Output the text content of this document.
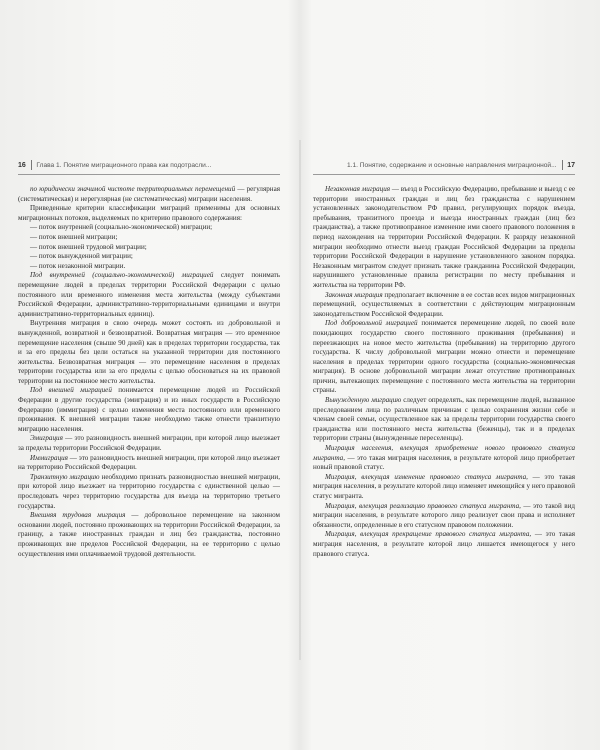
16 Глава 1. Понятие миграционного права как подотрасли...

по юридически значимой чистоте территориальных перемещений — регулярная (систематическая) и нерегулярная (не систематическая) миграции населения.

Приведенные критерии классификации миграций применимы для основных миграционных потоков, выделяемых по критерию правового содержания:

— поток внутренней (социально-экономической) миграции;

— поток внешней миграции;

— поток внешней трудовой миграции;

— поток вынужденной миграции;

— поток незаконной миграции.

Под внутренней (социально-экономической) миграцией следует понимать перемещение людей в пределах территории Российской Федерации с целью постоянного или временного изменения места жительства (между субъектами Российской Федерации, административно-территориальными единицами и внутри административно-территориальных единиц).

Внутренняя миграция в свою очередь может состоять из добровольной и вынужденной, возвратной и безвозвратной. Возвратная миграция — это временное перемещение населения (свыше 90 дней) как в пределах территории государства, так и за его пределы без цели остаться на указанной территории для постоянного жительства. Безвозвратная миграция — это перемещение населения в пределах территории государства или за его пределы с целью обосноваться на их правовой территории на постоянное место жительства.

Под внешней миграцией понимается перемещение людей из Российской Федерации в другие государства (эмиграция) и из иных государств в Российскую Федерацию (иммиграция) с целью изменения места постоянного или временного проживания. К внешней миграции также необходимо также отнести транзитную миграцию населения.

Эмиграция — это разновидность внешней миграции, при которой лицо выезжает за пределы территории Российской Федерации.

Иммиграция — это разновидность внешней миграции, при которой лицо въезжает на территорию Российской Федерации.

Транзитную миграцию необходимо признать разновидностью внешней миграции, при которой лицо въезжает на территорию государства с единственной целью — проследовать через территорию государства для въезда на территорию третьего государства.

Внешняя трудовая миграция — добровольное перемещение на законном основании людей, постоянно проживающих на территории Российской Федерации, за границу, а также иностранных граждан и лиц без гражданства, постоянно проживающих вне пределов Российской Федерации, на ее территорию с целью осуществления ими оплачиваемой трудовой деятельности.

1.1. Понятие, содержание и основные направления миграционной... 17

Незаконная миграция — въезд в Российскую Федерацию, пребывание и выезд с ее территории иностранных граждан и лиц без гражданства с нарушением установленных законодательством РФ правил, регулирующих порядок въезда, пребывания, транзитного проезда и выезда иностранных граждан (лиц без гражданства), а также противоправное изменение ими своего правового положения в период нахождения на территории Российской Федерации. К разряду незаконной миграции необходимо отнести выезд граждан Российской Федерации за пределы территории Российской Федерации в нарушение установленного законом порядка. Незаконным мигрантом следует признать также гражданина Российской Федерации, нарушившего установленные правила регистрации по месту пребывания и жительства на территории РФ.

Законная миграция предполагает включение в ее состав всех видов миграционных перемещений, осуществляемых в соответствии с действующим миграционным законодательством Российской Федерации.

Под добровольной миграцией понимается перемещение людей, по своей воле покидающих государство своего постоянного проживания (пребывания) и переезжающих на новое место жительства (пребывания) на территорию другого государства. К числу добровольной миграции можно отнести и перемещение населения в пределах территории одного государства (социально-экономическая миграция). В основе добровольной миграции лежат отсутствие противоправных причин, вытекающих перемещение с постоянного места жительства на территории страны.

Вынужденную миграцию следует определять, как перемещение людей, вызванное преследованием лица по различным причинам с целью сохранения жизни себе и членам своей семьи, осуществленное как за пределы территории государства своего гражданства или постоянного места жительства (беженцы), так и в пределах территории страны (вынужденные переселенцы).

Миграция населения, влекущая приобретение нового правового статуса мигранта, — это такая миграция населения, в результате которой лицо приобретает новый правовой статус.

Миграция, влекущая изменение правового статуса мигранта, — это такая миграция населения, в результате которой лицо изменяет имеющийся у него правовой статус мигранта.

Миграция, влекущая реализацию правового статуса мигранта, — это такой вид миграции населения, в результате которого лицо реализует свои права и исполняет обязанности, определенные в его статусном правовом положении.

Миграция, влекущая прекращение правового статуса мигранта, — это такая миграция населения, в результате которой лицо лишается имеющегося у него правового статуса.
